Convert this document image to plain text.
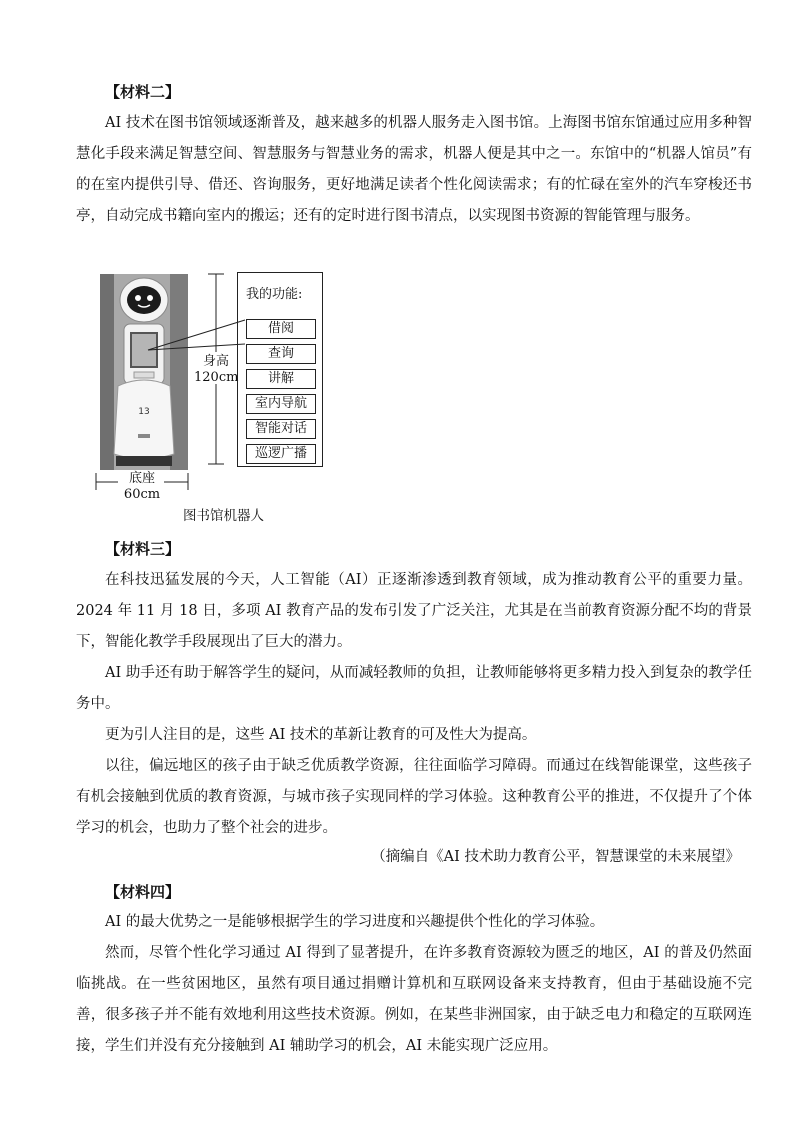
【材料二】

AI 技术在图书馆领域逐渐普及，越来越多的机器人服务走入图书馆。上海图书馆东馆通过应用多种智慧化手段来满足智慧空间、智慧服务与智慧业务的需求，机器人便是其中之一。东馆中的“机器人馆员”有的在室内提供引导、借还、咨询服务，更好地满足读者个性化阅读需求；有的忙碌在室外的汽车穿梭还书亭，自动完成书籍向室内的搬运；还有的定时进行图书清点，以实现图书资源的智能管理与服务。

13
身高
120cm
底座
60cm
我的功能:
借阅
查询
讲解
室内导航
智能对话
巡逻广播
图书馆机器人
【材料三】

在科技迅猛发展的今天，人工智能（AI）正逐渐渗透到教育领域，成为推动教育公平的重要力量。2024 年 11 月 18 日，多项 AI 教育产品的发布引发了广泛关注，尤其是在当前教育资源分配不均的背景下，智能化教学手段展现出了巨大的潜力。

AI 助手还有助于解答学生的疑问，从而减轻教师的负担，让教师能够将更多精力投入到复杂的教学任务中。

更为引人注目的是，这些 AI 技术的革新让教育的可及性大为提高。

以往，偏远地区的孩子由于缺乏优质教学资源，往往面临学习障碍。而通过在线智能课堂，这些孩子有机会接触到优质的教育资源，与城市孩子实现同样的学习体验。这种教育公平的推进，不仅提升了个体学习的机会，也助力了整个社会的进步。

（摘编自《AI 技术助力教育公平，智慧课堂的未来展望》
【材料四】

AI 的最大优势之一是能够根据学生的学习进度和兴趣提供个性化的学习体验。

然而，尽管个性化学习通过 AI 得到了显著提升，在许多教育资源较为匮乏的地区，AI 的普及仍然面临挑战。在一些贫困地区，虽然有项目通过捐赠计算机和互联网设备来支持教育，但由于基础设施不完善，很多孩子并不能有效地利用这些技术资源。例如，在某些非洲国家，由于缺乏电力和稳定的互联网连接，学生们并没有充分接触到 AI 辅助学习的机会，AI 未能实现广泛应用。
